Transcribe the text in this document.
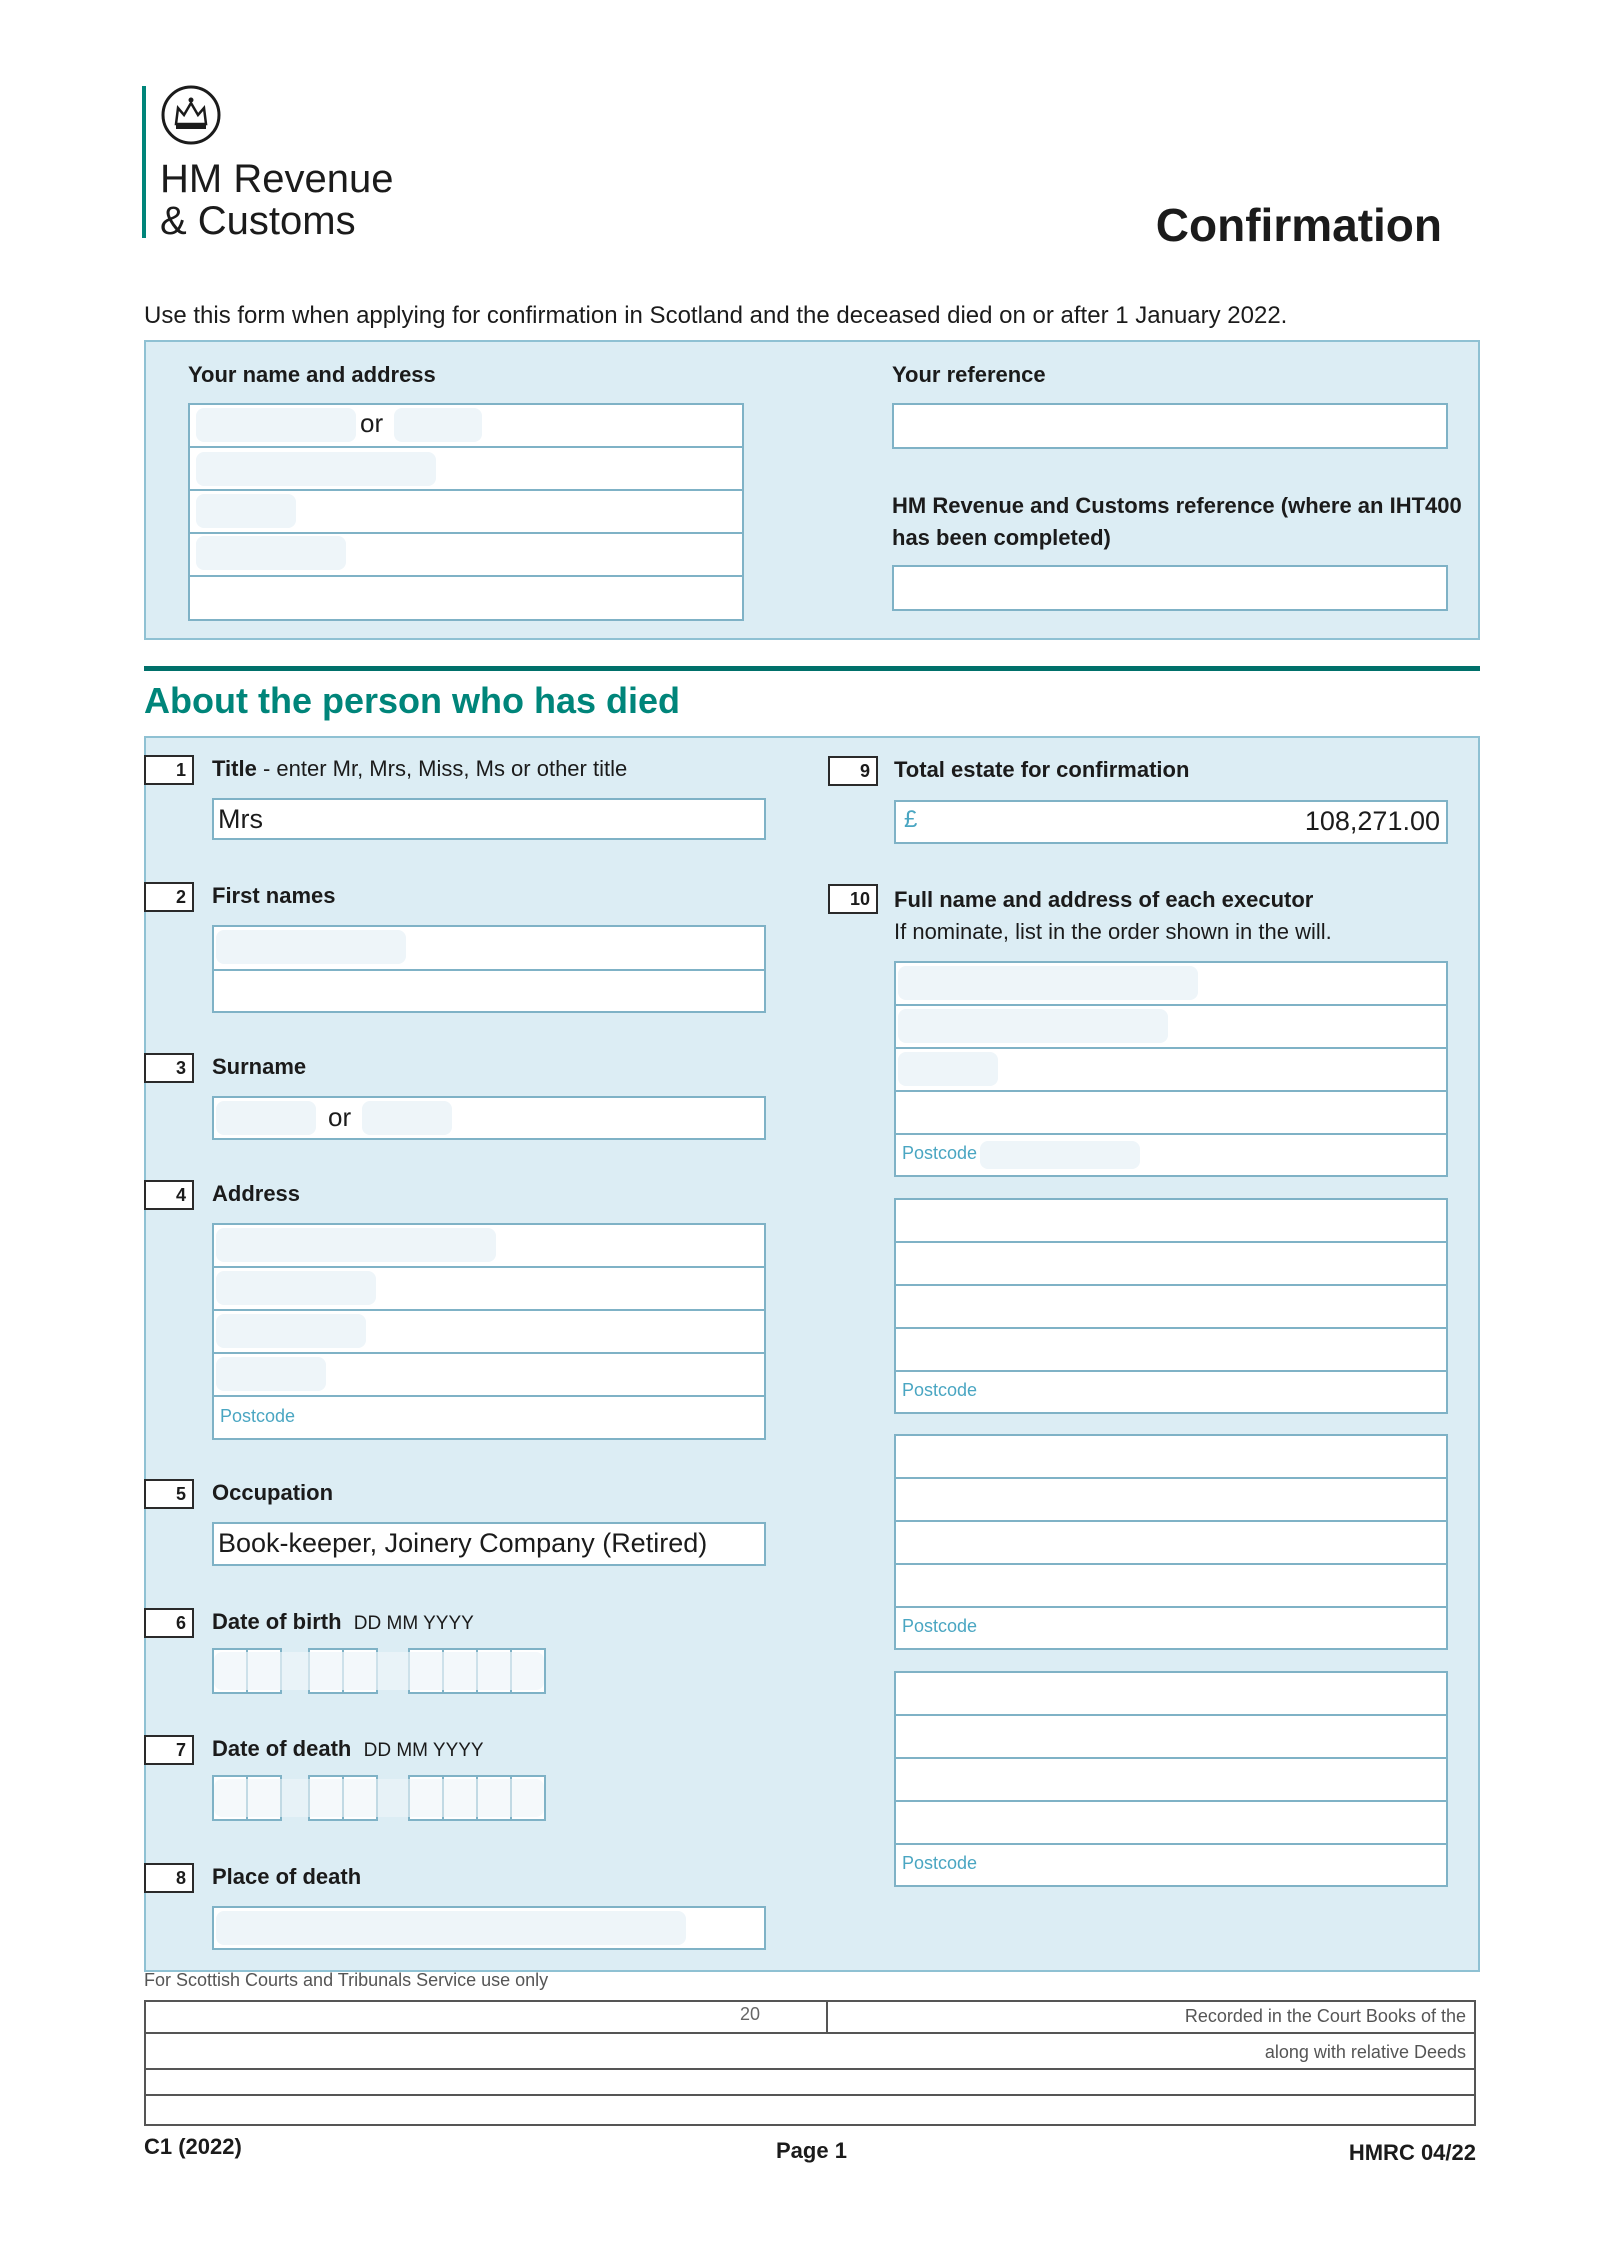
HM Revenue
& Customs	Confirmation
Use this form when applying for confirmation in Scotland and the deceased died on or after 1 January 2022.
Your name and address
or
Your reference
HM Revenue and Customs reference (where an IHT400
has been completed)
About the person who has died
1	Title - enter Mr, Mrs, Miss, Ms or other title
Mrs
2	First names
3	Surname
or
4	Address
Postcode
5	Occupation
Book-keeper, Joinery Company (Retired)
6	Date of birth DD MM YYYY
7	Date of death DD MM YYYY
8	Place of death
9	Total estate for confirmation
£	108,271.00
10	Full name and address of each executor
If nominate, list in the order shown in the will.
Postcode
Postcode
Postcode
Postcode
For Scottish Courts and Tribunals Service use only
20	Recorded in the Court Books of the
along with relative Deeds
C1 (2022)	Page 1	HMRC 04/22
